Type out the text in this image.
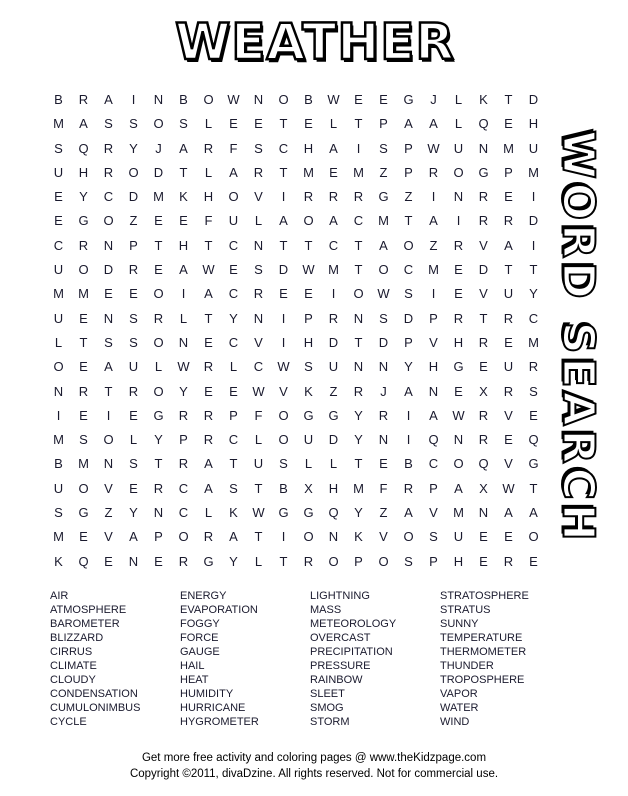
WEATHER
WORD SEARCH
B	R	A	I	N	B	O	W	N	O	B	W	E	E	G	J	L	K	T	D
M	A	S	S	O	S	L	E	E	T	E	L	T	P	A	A	L	Q	E	H
S	Q	R	Y	J	A	R	F	S	C	H	A	I	S	P	W	U	N	M	U
U	H	R	O	D	T	L	A	R	T	M	E	M	Z	P	R	O	G	P	M
E	Y	C	D	M	K	H	O	V	I	R	R	R	G	Z	I	N	R	E	I
E	G	O	Z	E	E	F	U	L	A	O	A	C	M	T	A	I	R	R	D
C	R	N	P	T	H	T	C	N	T	T	C	T	A	O	Z	R	V	A	I
U	O	D	R	E	A	W	E	S	D	W	M	T	O	C	M	E	D	T	T
M	M	E	E	O	I	A	C	R	E	E	I	O	W	S	I	E	V	U	Y
U	E	N	S	R	L	T	Y	N	I	P	R	N	S	D	P	R	T	R	C
L	T	S	S	O	N	E	C	V	I	H	D	T	D	P	V	H	R	E	M
O	E	A	U	L	W	R	L	C	W	S	U	N	N	Y	H	G	E	U	R
N	R	T	R	O	Y	E	E	W	V	K	Z	R	J	A	N	E	X	R	S
I	E	I	E	G	R	R	P	F	O	G	G	Y	R	I	A	W	R	V	E
M	S	O	L	Y	P	R	C	L	O	U	D	Y	N	I	Q	N	R	E	Q
B	M	N	S	T	R	A	T	U	S	L	L	T	E	B	C	O	Q	V	G
U	O	V	E	R	C	A	S	T	B	X	H	M	F	R	P	A	X	W	T
S	G	Z	Y	N	C	L	K	W	G	G	Q	Y	Z	A	V	M	N	A	A
M	E	V	A	P	O	R	A	T	I	O	N	K	V	O	S	U	E	E	O
K	Q	E	N	E	R	G	Y	L	T	R	O	P	O	S	P	H	E	R	E
AIR
ATMOSPHERE
BAROMETER
BLIZZARD
CIRRUS
CLIMATE
CLOUDY
CONDENSATION
CUMULONIMBUS
CYCLE
ENERGY
EVAPORATION
FOGGY
FORCE
GAUGE
HAIL
HEAT
HUMIDITY
HURRICANE
HYGROMETER
LIGHTNING
MASS
METEOROLOGY
OVERCAST
PRECIPITATION
PRESSURE
RAINBOW
SLEET
SMOG
STORM
STRATOSPHERE
STRATUS
SUNNY
TEMPERATURE
THERMOMETER
THUNDER
TROPOSPHERE
VAPOR
WATER
WIND
Get more free activity and coloring pages @ www.theKidzpage.com
Copyright ©2011, divaDzine. All rights reserved. Not for commercial use.
